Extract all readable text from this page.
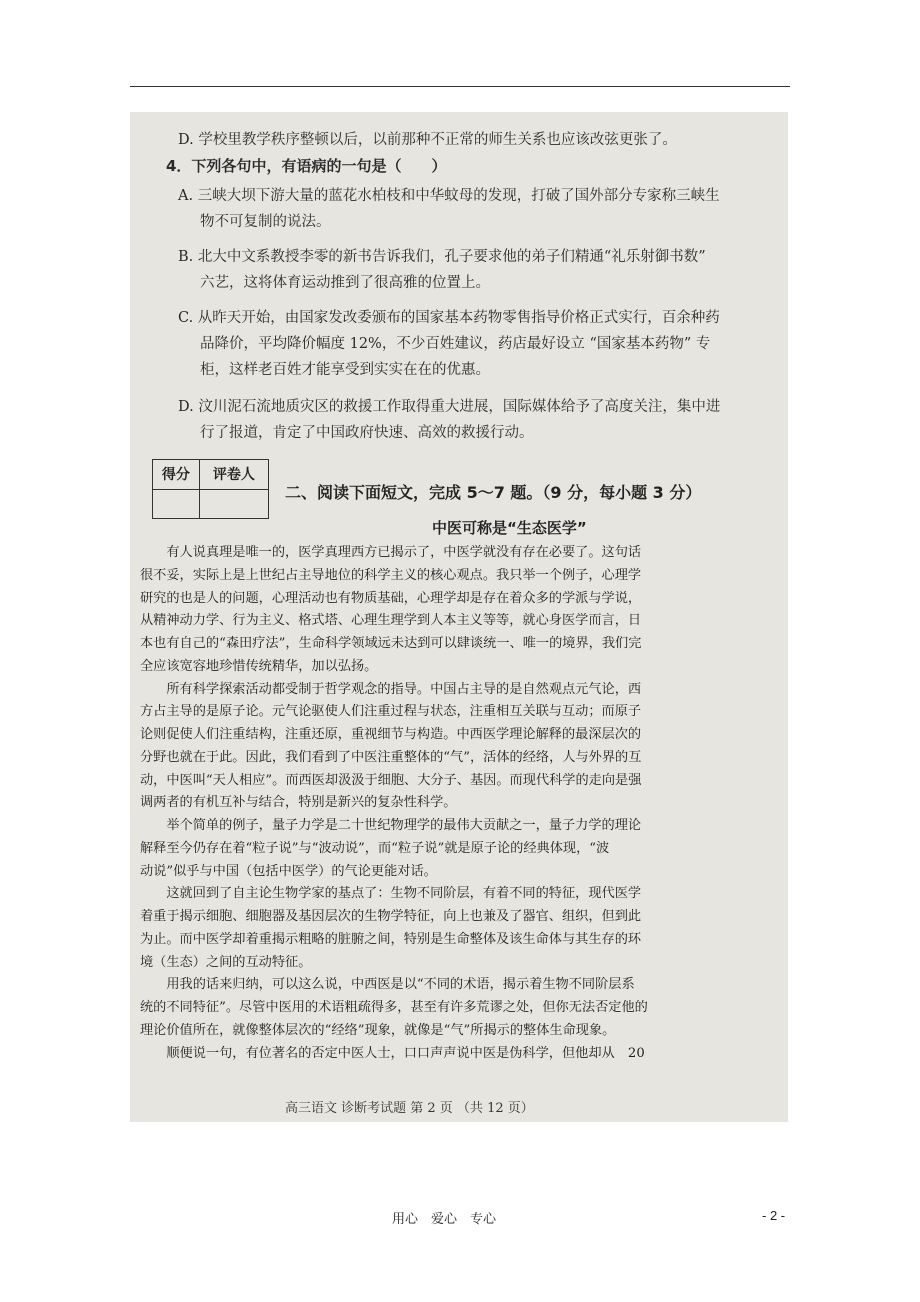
D. 学校里教学秩序整顿以后，以前那种不正常的师生关系也应该改弦更张了。
4．下列各句中，有语病的一句是（　　）
A. 三峡大坝下游大量的蓝花水柏枝和中华蚊母的发现，打破了国外部分专家称三峡生
物不可复制的说法。
B. 北大中文系教授李零的新书告诉我们，孔子要求他的弟子们精通“礼乐射御书数”
六艺，这将体育运动推到了很高雅的位置上。
C. 从昨天开始，由国家发改委颁布的国家基本药物零售指导价格正式实行，百余种药
品降价，平均降价幅度 12%，不少百姓建议，药店最好设立 “国家基本药物” 专
柜，这样老百姓才能享受到实实在在的优惠。
D. 汶川泥石流地质灾区的救援工作取得重大进展，国际媒体给予了高度关注，集中进
行了报道，肯定了中国政府快速、高效的救援行动。
得分	评卷人

二、阅读下面短文，完成 5～7 题。（9 分，每小题 3 分）
中医可称是“生态医学”
　　有人说真理是唯一的，医学真理西方已揭示了，中医学就没有存在必要了。这句话
很不妥，实际上是上世纪占主导地位的科学主义的核心观点。我只举一个例子，心理学
研究的也是人的问题，心理活动也有物质基础，心理学却是存在着众多的学派与学说，
从精神动力学、行为主义、格式塔、心理生理学到人本主义等等，就心身医学而言，日
本也有自己的“森田疗法”，生命科学领域远未达到可以肆谈统一、唯一的境界，我们完
全应该宽容地珍惜传统精华，加以弘扬。
　　所有科学探索活动都受制于哲学观念的指导。中国占主导的是自然观点元气论，西
方占主导的是原子论。元气论驱使人们注重过程与状态，注重相互关联与互动；而原子
论则促使人们注重结构，注重还原，重视细节与构造。中西医学理论解释的最深层次的
分野也就在于此。因此，我们看到了中医注重整体的“气”，活体的经络，人与外界的互
动，中医叫“天人相应”。而西医却汲汲于细胞、大分子、基因。而现代科学的走向是强
调两者的有机互补与结合，特别是新兴的复杂性科学。
　　举个简单的例子，量子力学是二十世纪物理学的最伟大贡献之一，量子力学的理论
解释至今仍存在着“粒子说”与“波动说”，而“粒子说”就是原子论的经典体现，“波
动说”似乎与中国（包括中医学）的气论更能对话。
　　这就回到了自主论生物学家的基点了：生物不同阶层，有着不同的特征，现代医学
着重于揭示细胞、细胞器及基因层次的生物学特征，向上也兼及了器官、组织，但到此
为止。而中医学却着重揭示粗略的脏腑之间，特别是生命整体及该生命体与其生存的环
境（生态）之间的互动特征。
　　用我的话来归纳，可以这么说，中西医是以“不同的术语，揭示着生物不同阶层系
统的不同特征”。尽管中医用的术语粗疏得多，甚至有许多荒谬之处，但你无法否定他的
理论价值所在，就像整体层次的“经络”现象，就像是“气”所揭示的整体生命现象。
　　顺便说一句，有位著名的否定中医人士，口口声声说中医是伪科学，但他却从　20
高三语文 诊断考试题 第 2 页 （共 12 页）
用心　爱心　专心	- 2 -
